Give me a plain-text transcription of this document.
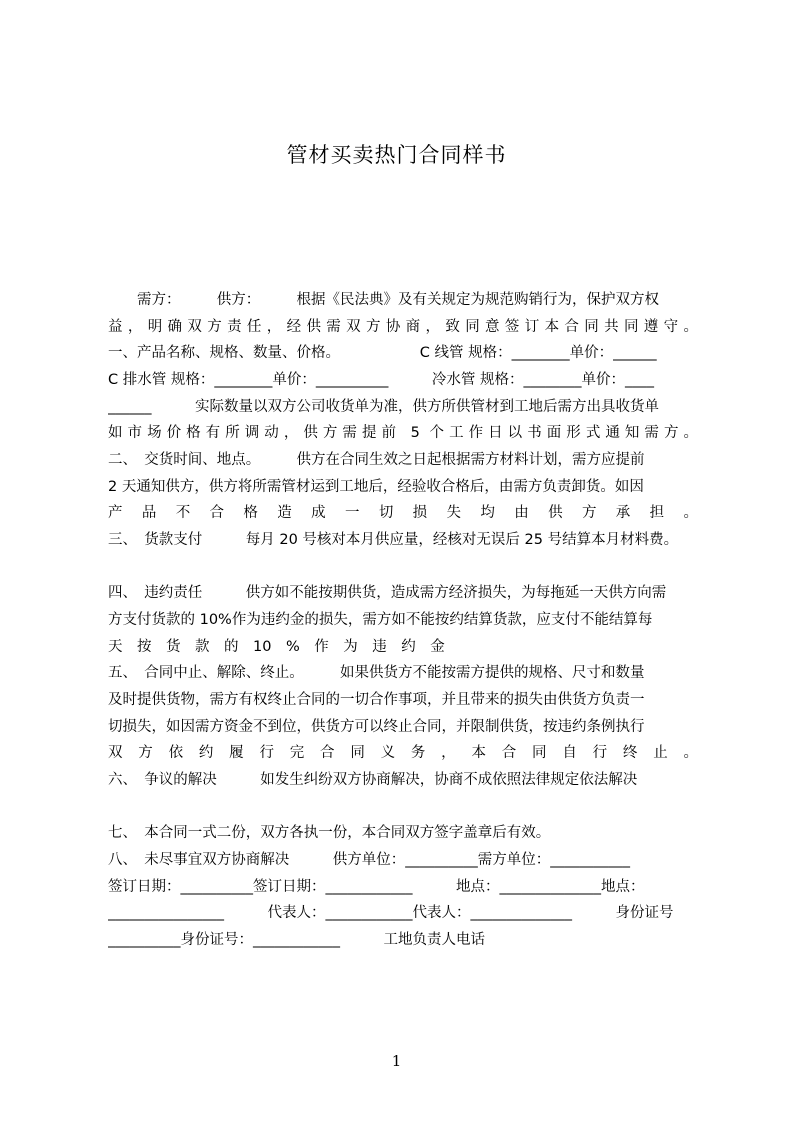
管材买卖热门合同样书
　　需方：　　　供方：　　　根据《民法典》及有关规定为规范购销行为，保护双方权
益，明确双方责任，经供需双方协商，致同意签订本合同共同遵守。
一、产品名称、规格、数量、价格。　　　　　　C 线管 规格：________单价：______
C 排水管 规格：________单价：__________　　　冷水管 规格：________单价：____
______　　　实际数量以双方公司收货单为准，供方所供管材到工地后需方出具收货单
如市场价格有所调动，供方需提前 5 个工作日以书面形式通知需方。
二、　交货时间、地点。　　　供方在合同生效之日起根据需方材料计划，需方应提前
2 天通知供方，供方将所需管材运到工地后，经验收合格后，由需方负责卸货。如因
产品不合格造成一切损失均由供方承担。
三、　货款支付　　　每月 20 号核对本月供应量，经核对无误后 25 号结算本月材料费。
四、　违约责任　　　供方如不能按期供货，造成需方经济损失，为每拖延一天供方向需
方支付货款的 10%作为违约金的损失，需方如不能按约结算货款，应支付不能结算每
天　按　货　款　的　10　%　作　为　违　约　金
五、　合同中止、解除、终止。　　　如果供货方不能按需方提供的规格、尺寸和数量
及时提供货物，需方有权终止合同的一切合作事项，并且带来的损失由供货方负责一
切损失，如因需方资金不到位，供货方可以终止合同，并限制供货，按违约条例执行
双方依约履行完合同义务，本合同自行终止。
六、　争议的解决　　　如发生纠纷双方协商解决，协商不成依照法律规定依法解决
七、　本合同一式二份，双方各执一份，本合同双方签字盖章后有效。
八、　未尽事宜双方协商解决　　　供方单位：__________需方单位：___________
签订日期：__________签订日期：____________　　　地点：______________地点：
________________　　　代表人：____________代表人：______________　　　身份证号
__________身份证号：____________　　　工地负责人电话
1
